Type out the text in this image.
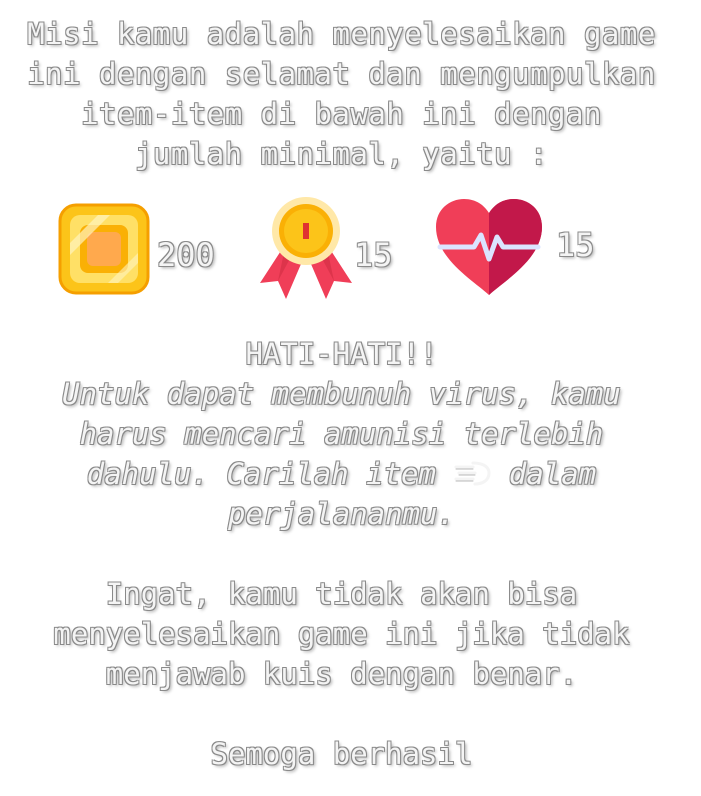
Misi kamu adalah menyelesaikan game
ini dengan selamat dan mengumpulkan
item-item di bawah ini dengan
jumlah minimal, yaitu :
200	15	15
HATI-HATI!!
Untuk dapat membunuh virus, kamu
harus mencari amunisi terlebih
dahulu. Carilah item	dalam
perjalananmu.
Ingat, kamu tidak akan bisa
menyelesaikan game ini jika tidak
menjawab kuis dengan benar.
Semoga berhasil
